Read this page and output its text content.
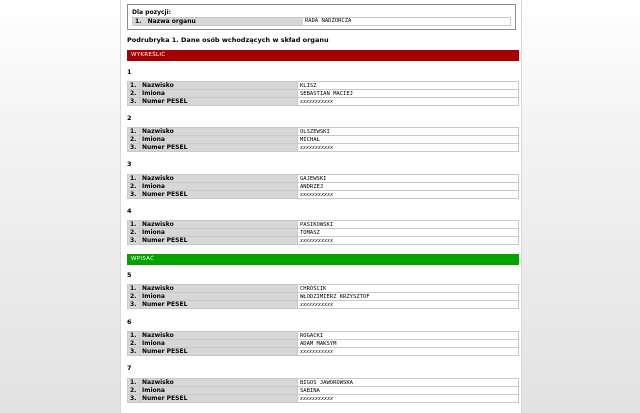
Dla pozycji:
1. Nazwa organu	RADA NADZORCZA
Podrubryka 1. Dane osób wchodzących w skład organu
WYKREŚLIĆ
1
1.	Nazwisko	KLISZ
2.	Imiona	SEBASTIAN MACIEJ
3.	Numer PESEL	xxxxxxxxxxx
2
1.	Nazwisko	OLSZEWSKI
2.	Imiona	MICHAŁ
3.	Numer PESEL	xxxxxxxxxxx
3
1.	Nazwisko	GAJEWSKI
2.	Imiona	ANDRZEJ
3.	Numer PESEL	xxxxxxxxxxx
4
1.	Nazwisko	PASIKOWSKI
2.	Imiona	TOMASZ
3.	Numer PESEL	xxxxxxxxxxx
WPISAĆ
5
1.	Nazwisko	CHRÓŚCIK
2.	Imiona	WŁODZIMIERZ KRZYSZTOF
3.	Numer PESEL	xxxxxxxxxxx
6
1.	Nazwisko	ROGACKI
2.	Imiona	ADAM MAKSYM
3.	Numer PESEL	xxxxxxxxxxx
7
1.	Nazwisko	BIGOS JAWOROWSKA
2.	Imiona	SABINA
3.	Numer PESEL	xxxxxxxxxxx
